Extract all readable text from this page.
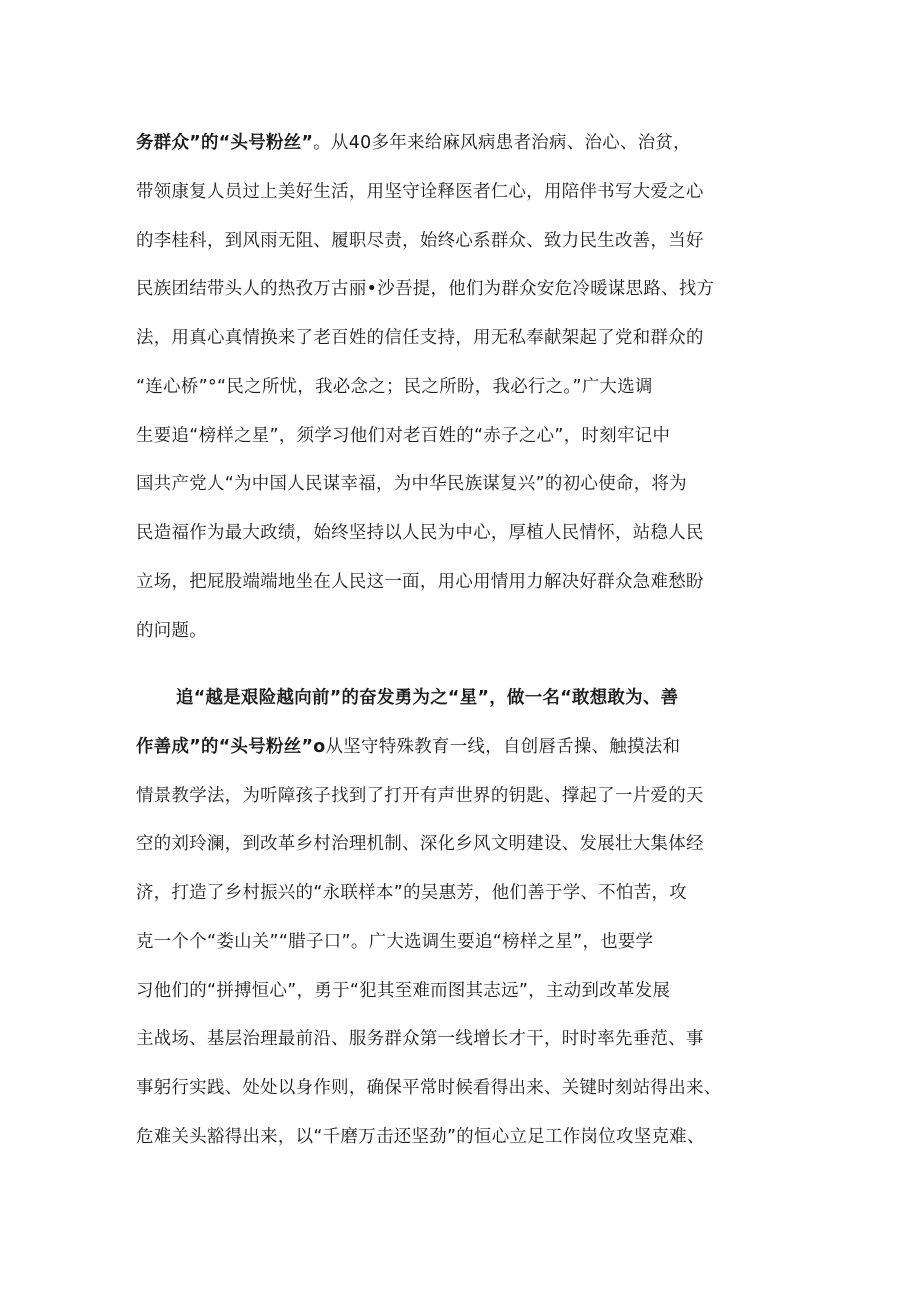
务群众”的“头号粉丝”。从40多年来给麻风病患者治病、治心、治贫，
带领康复人员过上美好生活，用坚守诠释医者仁心，用陪伴书写大爱之心
的李桂科，到风雨无阻、履职尽责，始终心系群众、致力民生改善，当好
民族团结带头人的热孜万古丽•沙吾提，他们为群众安危冷暖谋思路、找方
法，用真心真情换来了老百姓的信任支持，用无私奉献架起了党和群众的
“连心桥”°“民之所忧，我必念之；民之所盼，我必行之。”广大选调
生要追“榜样之星”，须学习他们对老百姓的“赤子之心”，时刻牢记中
国共产党人“为中国人民谋幸福，为中华民族谋复兴”的初心使命，将为
民造福作为最大政绩，始终坚持以人民为中心，厚植人民情怀，站稳人民
立场，把屁股端端地坐在人民这一面，用心用情用力解决好群众急难愁盼
的问题。
追“越是艰险越向前”的奋发勇为之“星”，做一名“敢想敢为、善
作善成”的“头号粉丝”o从坚守特殊教育一线，自创唇舌操、触摸法和
情景教学法，为听障孩子找到了打开有声世界的钥匙、撑起了一片爱的天
空的刘玲澜，到改革乡村治理机制、深化乡风文明建设、发展壮大集体经
济，打造了乡村振兴的“永联样本”的吴惠芳，他们善于学、不怕苦，攻
克一个个“娄山关”“腊子口”。广大选调生要追“榜样之星”，也要学
习他们的“拼搏恒心”，勇于“犯其至难而图其志远”，主动到改革发展
主战场、基层治理最前沿、服务群众第一线增长才干，时时率先垂范、事
事躬行实践、处处以身作则，确保平常时候看得出来、关键时刻站得出来、
危难关头豁得出来，以“千磨万击还坚劲”的恒心立足工作岗位攻坚克难、
